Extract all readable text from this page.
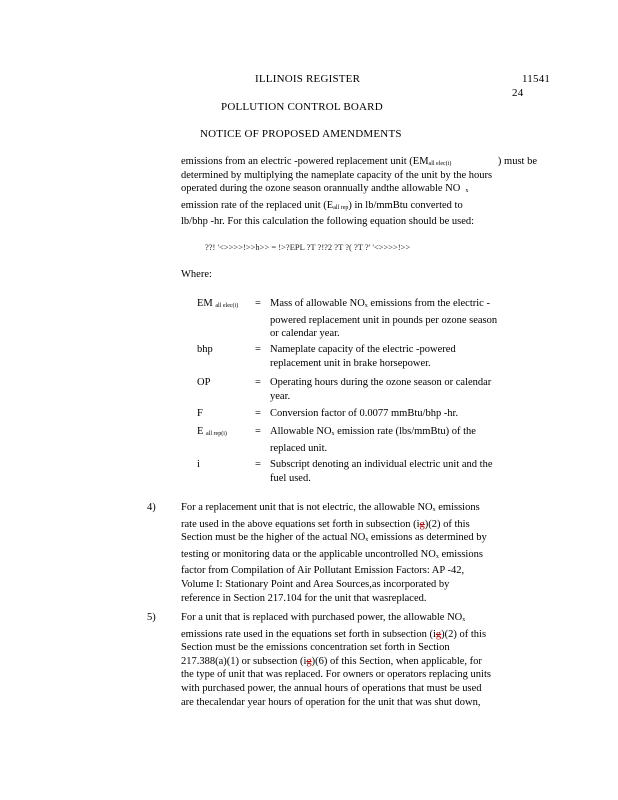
ILLINOIS REGISTER	11541
24
POLLUTION CONTROL BOARD
NOTICE OF PROPOSED AMENDMENTS
emissions from an electric -powered replacement unit (EMall elec(i)	) must be
determined by multiplying the nameplate capacity of the unit by the hours
operated during the ozone season orannually andthe allowable NO x
emission rate of the replaced unit (Eall rep) in lb/mmBtu converted to
lb/bhp -hr. For this calculation the following equation should be used:
??! '<>>>>!>>h>> = !>?EPL ?T ?!?2 ?T ?( ?T ?' '<>>>>!>>
Where:
EM all elec(i) = Mass of allowable NOx emissions from the electric -
powered replacement unit in pounds per ozone season
or calendar year.
bhp	= Nameplate capacity of the electric -powered
replacement unit in brake horsepower.
OP	= Operating hours during the ozone season or calendar
year.
F	= Conversion factor of 0.0077 mmBtu/bhp -hr.
E all rep(i)	= Allowable NOx emission rate (lbs/mmBtu) of the
replaced unit.
i	= Subscript denoting an individual electric unit and the
fuel used.
4) For a replacement unit that is not electric, the allowable NOx emissions
rate used in the above equations set forth in subsection (ig)(2) of this
Section must be the higher of the actual NOx emissions as determined by
testing or monitoring data or the applicable uncontrolled NOx emissions
factor from Compilation of Air Pollutant Emission Factors: AP -42,
Volume I: Stationary Point and Area Sources,as incorporated by
reference in Section 217.104 for the unit that wasreplaced.
5) For a unit that is replaced with purchased power, the allowable NOx
emissions rate used in the equations set forth in subsection (ig)(2) of this
Section must be the emissions concentration set forth in Section
217.388(a)(1) or subsection (ig)(6) of this Section, when applicable, for
the type of unit that was replaced. For owners or operators replacing units
with purchased power, the annual hours of operations that must be used
are thecalendar year hours of operation for the unit that was shut down,
